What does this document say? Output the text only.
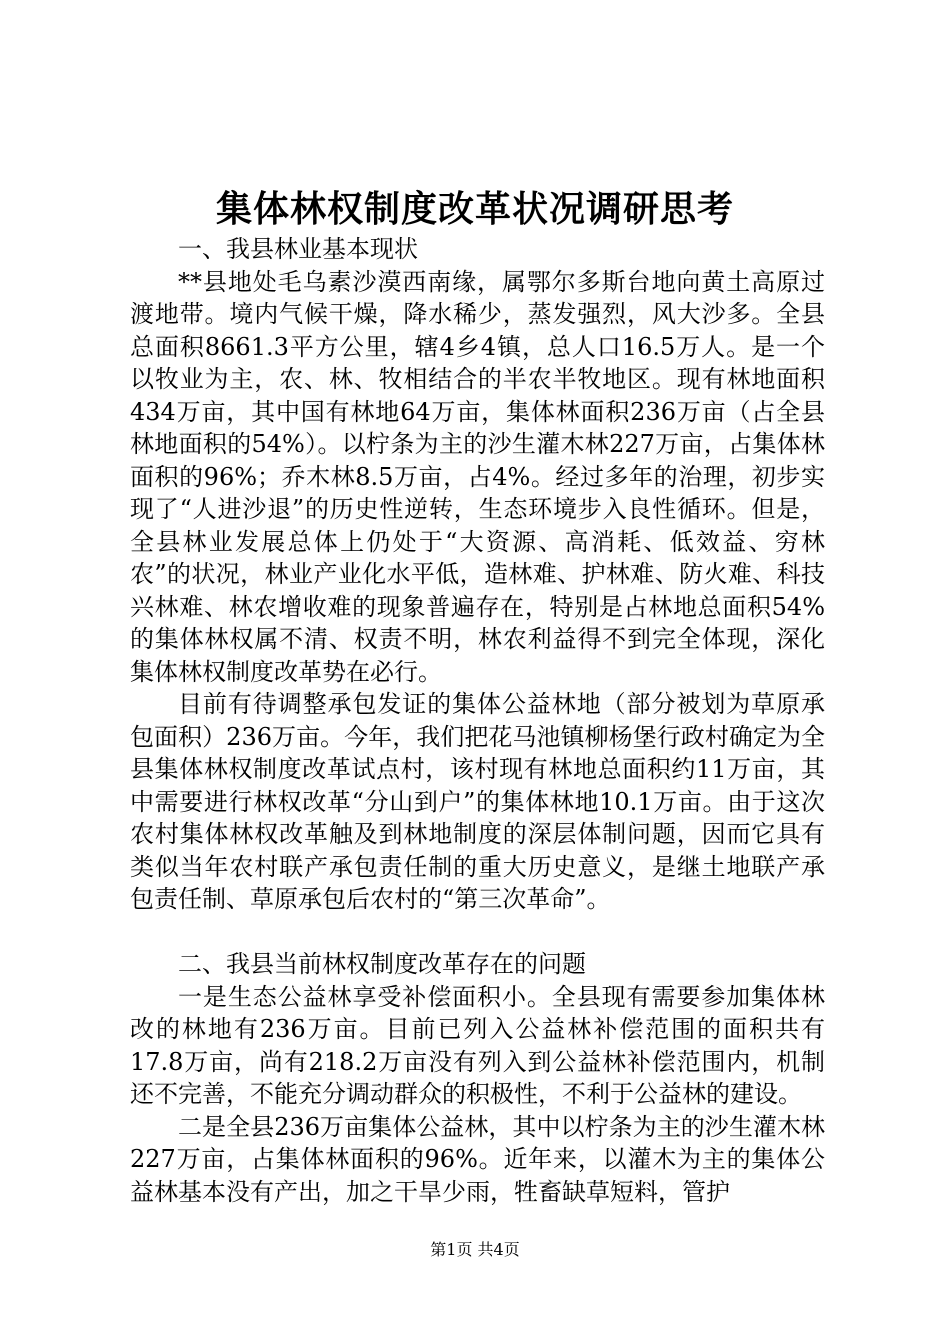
集体林权制度改革状况调研思考

一、我县林业基本现状

**县地处毛乌素沙漠西南缘，属鄂尔多斯台地向黄土高原过渡地带。境内气候干燥，降水稀少，蒸发强烈，风大沙多。全县总面积8661.3平方公里，辖4乡4镇，总人口16.5万人。是一个以牧业为主，农、林、牧相结合的半农半牧地区。现有林地面积434万亩，其中国有林地64万亩，集体林面积236万亩（占全县林地面积的54%）。以柠条为主的沙生灌木林227万亩，占集体林面积的96%；乔木林8.5万亩，占4%。经过多年的治理，初步实现了“人进沙退”的历史性逆转，生态环境步入良性循环。但是，全县林业发展总体上仍处于“大资源、高消耗、低效益、穷林农”的状况，林业产业化水平低，造林难、护林难、防火难、科技兴林难、林农增收难的现象普遍存在，特别是占林地总面积54%的集体林权属不清、权责不明，林农利益得不到完全体现，深化集体林权制度改革势在必行。

目前有待调整承包发证的集体公益林地（部分被划为草原承包面积）236万亩。今年，我们把花马池镇柳杨堡行政村确定为全县集体林权制度改革试点村，该村现有林地总面积约11万亩，其中需要进行林权改革“分山到户”的集体林地10.1万亩。由于这次农村集体林权改革触及到林地制度的深层体制问题，因而它具有类似当年农村联产承包责任制的重大历史意义，是继土地联产承包责任制、草原承包后农村的“第三次革命”。

二、我县当前林权制度改革存在的问题

一是生态公益林享受补偿面积小。全县现有需要参加集体林改的林地有236万亩。目前已列入公益林补偿范围的面积共有17.8万亩，尚有218.2万亩没有列入到公益林补偿范围内，机制还不完善，不能充分调动群众的积极性，不利于公益林的建设。

二是全县236万亩集体公益林，其中以柠条为主的沙生灌木林227万亩，占集体林面积的96%。近年来，以灌木为主的集体公益林基本没有产出，加之干旱少雨，牲畜缺草短料，管护

第1页 共4页
